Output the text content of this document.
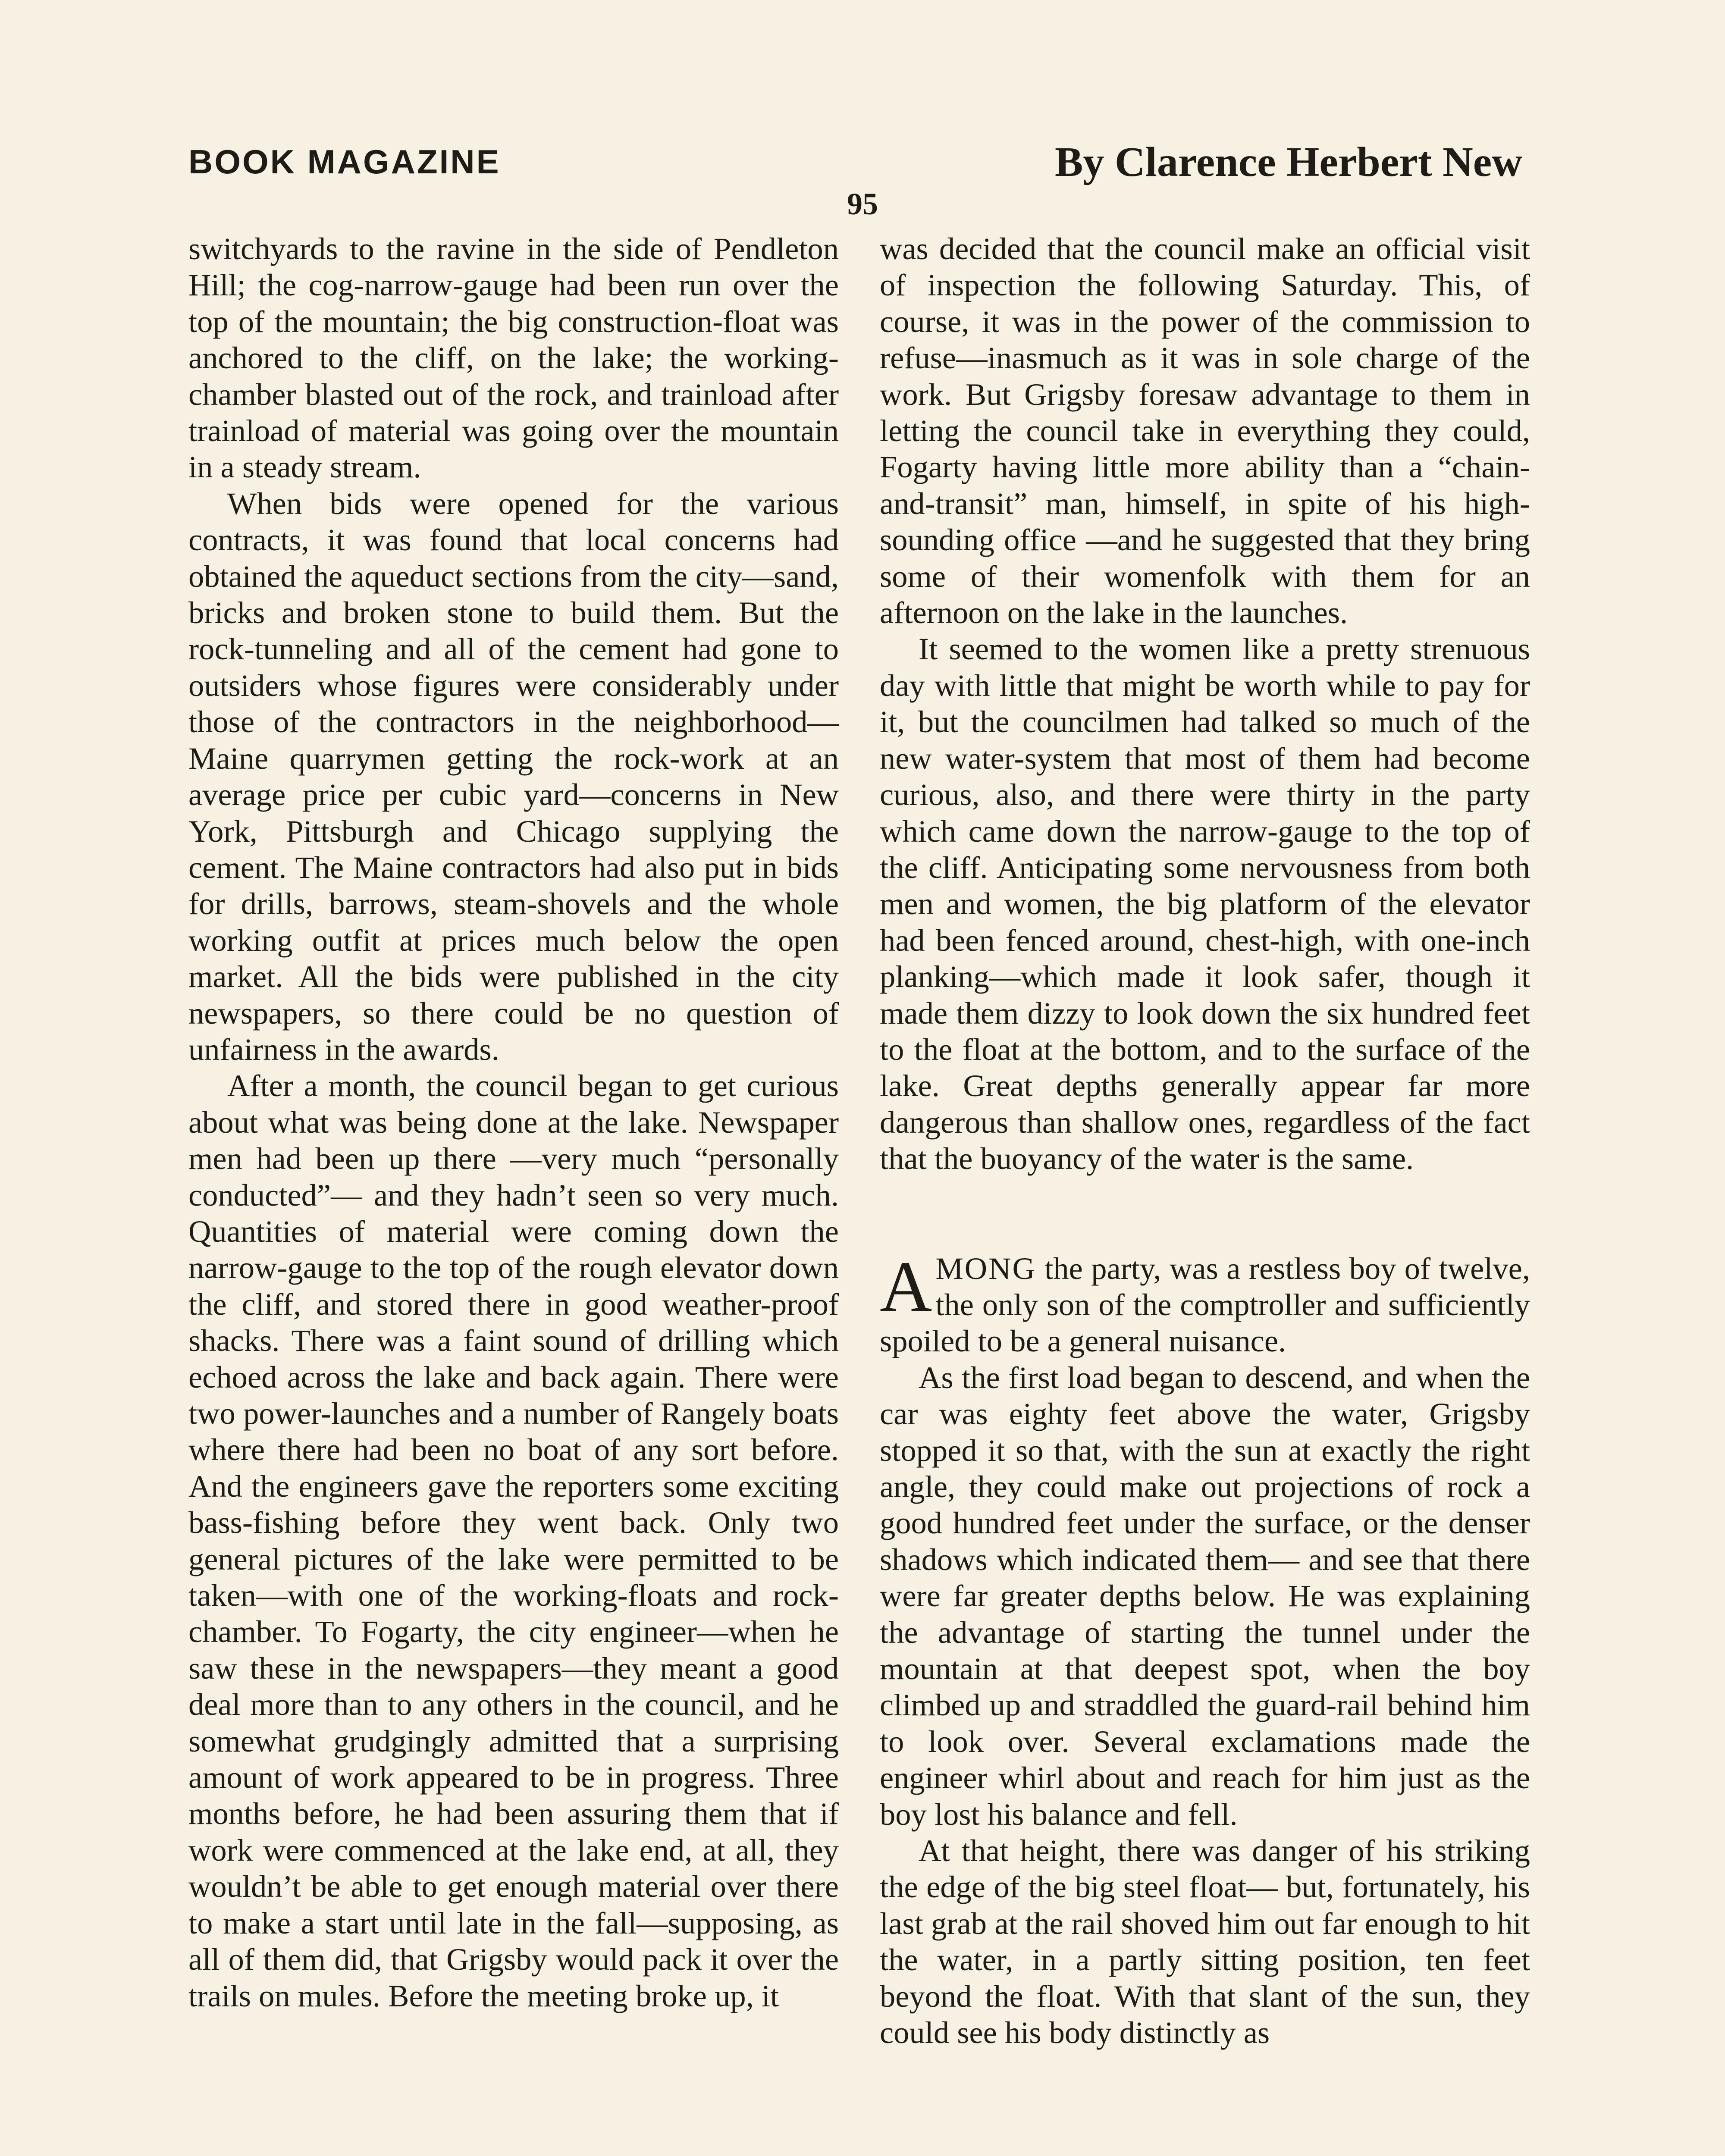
BOOK MAGAZINE	By Clarence Herbert New
95

switchyards to the ravine in the side of Pendleton Hill; the cog-narrow-gauge had been run over the top of the mountain; the big construction-float was anchored to the cliff, on the lake; the working-chamber blasted out of the rock, and trainload after trainload of material was going over the mountain in a steady stream.

When bids were opened for the various contracts, it was found that local concerns had obtained the aqueduct sections from the city—sand, bricks and broken stone to build them. But the rock-tunneling and all of the cement had gone to outsiders whose figures were considerably under those of the contractors in the neighborhood—Maine quarrymen getting the rock-work at an average price per cubic yard—concerns in New York, Pittsburgh and Chicago supplying the cement. The Maine contractors had also put in bids for drills, barrows, steam-shovels and the whole working outfit at prices much below the open market. All the bids were published in the city newspapers, so there could be no question of unfairness in the awards.

After a month, the council began to get curious about what was being done at the lake. Newspaper men had been up there —very much “personally conducted”— and they hadn’t seen so very much. Quantities of material were coming down the narrow-gauge to the top of the rough elevator down the cliff, and stored there in good weather-proof shacks. There was a faint sound of drilling which echoed across the lake and back again. There were two power-launches and a number of Rangely boats where there had been no boat of any sort before. And the engineers gave the reporters some exciting bass-fishing before they went back. Only two general pictures of the lake were permitted to be taken—with one of the working-floats and rock-chamber. To Fogarty, the city engineer—when he saw these in the newspapers—they meant a good deal more than to any others in the council, and he somewhat grudgingly admitted that a surprising amount of work appeared to be in progress. Three months before, he had been assuring them that if work were commenced at the lake end, at all, they wouldn’t be able to get enough material over there to make a start until late in the fall—supposing, as all of them did, that Grigsby would pack it over the trails on mules. Before the meeting broke up, it

was decided that the council make an official visit of inspection the following Saturday. This, of course, it was in the power of the commission to refuse—inasmuch as it was in sole charge of the work. But Grigsby foresaw advantage to them in letting the council take in everything they could, Fogarty having little more ability than a “chain-and-transit” man, himself, in spite of his high-sounding office —and he suggested that they bring some of their womenfolk with them for an afternoon on the lake in the launches.

It seemed to the women like a pretty strenuous day with little that might be worth while to pay for it, but the councilmen had talked so much of the new water-system that most of them had become curious, also, and there were thirty in the party which came down the narrow-gauge to the top of the cliff. Anticipating some nervousness from both men and women, the big platform of the elevator had been fenced around, chest-high, with one-inch planking—which made it look safer, though it made them dizzy to look down the six hundred feet to the float at the bottom, and to the surface of the lake. Great depths generally appear far more dangerous than shallow ones, regardless of the fact that the buoyancy of the water is the same.

AMONG the party, was a restless boy of twelve, the only son of the comptroller and sufficiently spoiled to be a general nuisance.

As the first load began to descend, and when the car was eighty feet above the water, Grigsby stopped it so that, with the sun at exactly the right angle, they could make out projections of rock a good hundred feet under the surface, or the denser shadows which indicated them— and see that there were far greater depths below. He was explaining the advantage of starting the tunnel under the mountain at that deepest spot, when the boy climbed up and straddled the guard-rail behind him to look over. Several exclamations made the engineer whirl about and reach for him just as the boy lost his balance and fell.

At that height, there was danger of his striking the edge of the big steel float— but, fortunately, his last grab at the rail shoved him out far enough to hit the water, in a partly sitting position, ten feet beyond the float. With that slant of the sun, they could see his body distinctly as
